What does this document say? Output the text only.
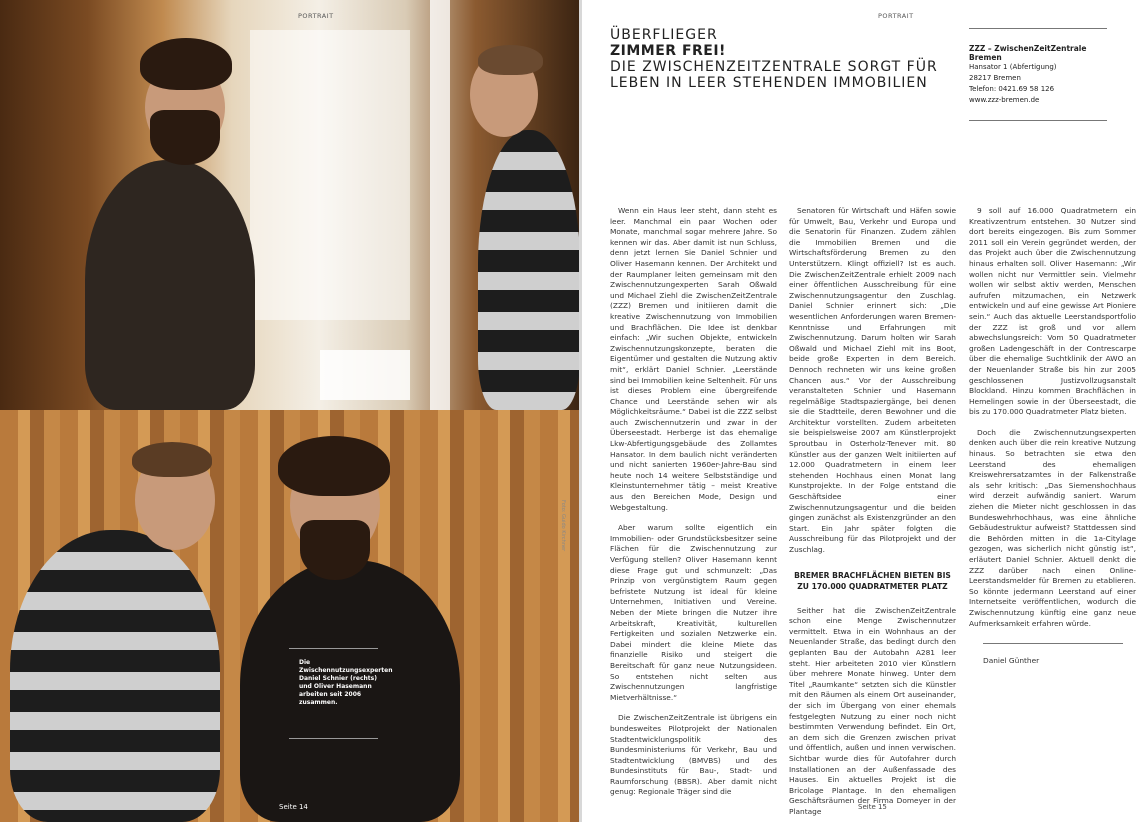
PORTRAIT
Foto: Guido Kirchner
Die Zwischennutzungsexperten Daniel Schnier (rechts) und Oliver Hasemann arbeiten seit 2006 zusammen.
Seite 14
PORTRAIT
ÜBERFLIEGER
ZIMMER FREI!
DIE ZWISCHENZEITZENTRALE SORGT FÜR LEBEN IN LEER STEHENDEN IMMOBILIEN
ZZZ – ZwischenZeitZentrale Bremen
Hansator 1 (Abfertigung)
28217 Bremen
Telefon: 0421.69 58 126
www.zzz-bremen.de

Wenn ein Haus leer steht, dann steht es leer. Manchmal ein paar Wochen oder Monate, manchmal sogar mehrere Jahre. So kennen wir das. Aber damit ist nun Schluss, denn jetzt lernen Sie Daniel Schnier und Oliver Hasemann kennen. Der Architekt und der Raumplaner leiten gemeinsam mit den Zwischennutzungexperten Sarah Oßwald und Michael Ziehl die ZwischenZeitZentrale (ZZZ) Bremen und initiieren damit die kreative Zwischennutzung von Immobilien und Brachflächen. Die Idee ist denkbar einfach: „Wir suchen Objekte, entwickeln Zwischennutzungskonzepte, beraten die Eigentümer und gestalten die Nutzung aktiv mit“, erklärt Daniel Schnier. „Leerstände sind bei Immobilien keine Seltenheit. Für uns ist dieses Problem eine übergreifende Chance und Leerstände sehen wir als Möglichkeitsräume.“ Dabei ist die ZZZ selbst auch Zwischennutzerin und zwar in der Überseestadt. Herberge ist das ehemalige Lkw-Abfertigungsgebäude des Zollamtes Hansator. In dem baulich nicht veränderten und nicht sanierten 1960er-Jahre-Bau sind heute noch 14 weitere Selbstständige und Kleinstunternehmer tätig – meist Kreative aus den Bereichen Mode, Design und Webgestaltung.

Aber warum sollte eigentlich ein Immobilien- oder Grundstücksbesitzer seine Flächen für die Zwischennutzung zur Verfügung stellen? Oliver Hasemann kennt diese Frage gut und schmunzelt: „Das Prinzip von vergünstigtem Raum gegen befristete Nutzung ist ideal für kleine Unternehmen, Initiativen und Vereine. Neben der Miete bringen die Nutzer ihre Arbeitskraft, Kreativität, kulturellen Fertigkeiten und sozialen Netzwerke ein. Dabei mindert die kleine Miete das finanzielle Risiko und steigert die Bereitschaft für ganz neue Nutzungsideen. So entstehen nicht selten aus Zwischennutzungen langfristige Mietverhältnisse.“

Die ZwischenZeitZentrale ist übrigens ein bundesweites Pilotprojekt der Nationalen Stadtentwicklungspolitik des Bundesministeriums für Verkehr, Bau und Stadtentwicklung (BMVBS) und des Bundesinstituts für Bau-, Stadt- und Raumforschung (BBSR). Aber damit nicht genug: Regionale Träger sind die

Senatoren für Wirtschaft und Häfen sowie für Umwelt, Bau, Verkehr und Europa und die Senatorin für Finanzen. Zudem zählen die Immobilien Bremen und die Wirtschaftsförderung Bremen zu den Unterstützern. Klingt offiziell? Ist es auch. Die ZwischenZeitZentrale erhielt 2009 nach einer öffentlichen Ausschreibung für eine Zwischennutzungsagentur den Zuschlag. Daniel Schnier erinnert sich: „Die wesentlichen Anforderungen waren Bremen-Kenntnisse und Erfahrungen mit Zwischennutzung. Darum holten wir Sarah Oßwald und Michael Ziehl mit ins Boot, beide große Experten in dem Bereich. Dennoch rechneten wir uns keine großen Chancen aus.“ Vor der Ausschreibung veranstalteten Schnier und Hasemann regelmäßige Stadtspaziergänge, bei denen sie die Stadtteile, deren Bewohner und die Architektur vorstellten. Zudem arbeiteten sie beispielsweise 2007 am Künstlerprojekt Sproutbau in Osterholz-Tenever mit. 80 Künstler aus der ganzen Welt initiierten auf 12.000 Quadratmetern in einem leer stehenden Hochhaus einen Monat lang Kunstprojekte. In der Folge entstand die Geschäftsidee einer Zwischennutzungsagentur und die beiden gingen zunächst als Existenzgründer an den Start. Ein Jahr später folgten die Ausschreibung für das Pilotprojekt und der Zuschlag.

BREMER BRACHFLÄCHEN BIETEN BIS ZU 170.000 QUADRATMETER PLATZ

Seither hat die ZwischenZeitZentrale schon eine Menge Zwischennutzer vermittelt. Etwa in ein Wohnhaus an der Neuenlander Straße, das bedingt durch den geplanten Bau der Autobahn A281 leer steht. Hier arbeiteten 2010 vier Künstlern über mehrere Monate hinweg. Unter dem Titel „Raumkante“ setzten sich die Künstler mit den Räumen als einem Ort auseinander, der sich im Übergang von einer ehemals festgelegten Nutzung zu einer noch nicht bestimmten Verwendung befindet. Ein Ort, an dem sich die Grenzen zwischen privat und öffentlich, außen und innen verwischen. Sichtbar wurde dies für Autofahrer durch Installationen an der Außenfassade des Hauses. Ein aktuelles Projekt ist die Bricolage Plantage. In den ehemaligen Geschäftsräumen der Firma Domeyer in der Plantage

9 soll auf 16.000 Quadratmetern ein Kreativzentrum entstehen. 30 Nutzer sind dort bereits eingezogen. Bis zum Sommer 2011 soll ein Verein gegründet werden, der das Projekt auch über die Zwischennutzung hinaus erhalten soll. Oliver Hasemann: „Wir wollen nicht nur Vermittler sein. Vielmehr wollen wir selbst aktiv werden, Menschen aufrufen mitzumachen, ein Netzwerk entwickeln und auf eine gewisse Art Pioniere sein.“ Auch das aktuelle Leerstandsportfolio der ZZZ ist groß und vor allem abwechslungsreich: Vom 50 Quadratmeter großen Ladengeschäft in der Contrescarpe über die ehemalige Suchtklinik der AWO an der Neuenlander Straße bis hin zur 2005 geschlossenen Justizvollzugsanstalt Blockland. Hinzu kommen Brachflächen in Hemelingen sowie in der Überseestadt, die bis zu 170.000 Quadratmeter Platz bieten.

Doch die Zwischennutzungsexperten denken auch über die rein kreative Nutzung hinaus. So betrachten sie etwa den Leerstand des ehemaligen Kreiswehrersatzamtes in der Falkenstraße als sehr kritisch: „Das Siemenshochhaus wird derzeit aufwändig saniert. Warum ziehen die Mieter nicht geschlossen in das Bundeswehrhochhaus, was eine ähnliche Gebäudestruktur aufweist? Stattdessen sind die Behörden mitten in die 1a-Citylage gezogen, was sicherlich nicht günstig ist“, erläutert Daniel Schnier. Aktuell denkt die ZZZ darüber nach einen Online-Leerstandsmelder für Bremen zu etablieren. So könnte jedermann Leerstand auf einer Internetseite veröffentlichen, wodurch die Zwischennutzung künftig eine ganz neue Aufmerksamkeit erfahren würde.

Daniel Günther
Seite 15
